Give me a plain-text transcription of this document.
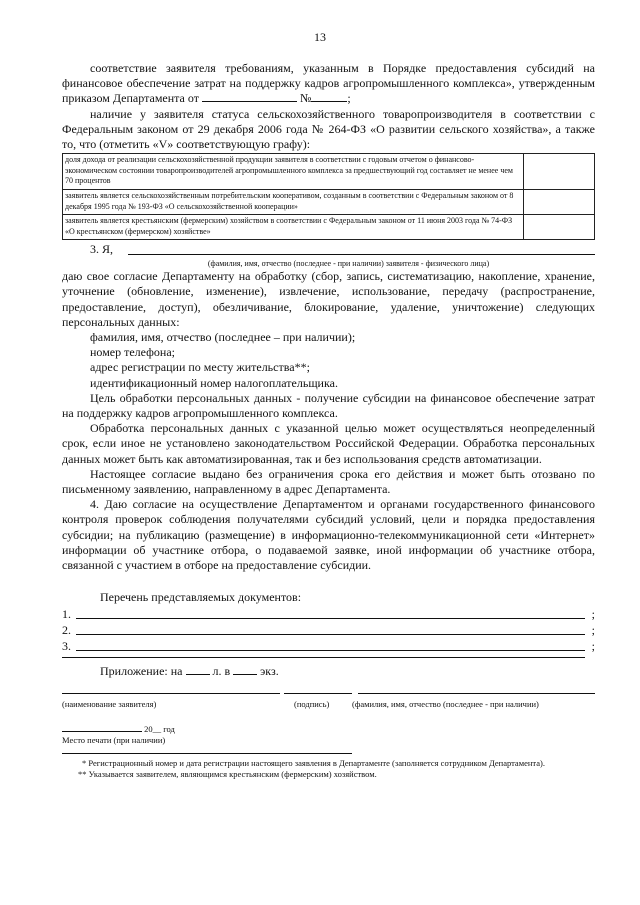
13

соответствие заявителя требованиям, указанным в Порядке предоставления субсидий на финансовое обеспечение затрат на поддержку кадров агропромышленного комплекса», утвержденным приказом Департамента от	№	;

наличие у заявителя статуса сельскохозяйственного товаропроизводителя в соответствии с Федеральным законом от 29 декабря 2006 года № 264-ФЗ «О развитии сельского хозяйства», а также то, что (отметить «V» соответствующую графу):

доля дохода от реализации сельскохозяйственной продукции заявителя в соответствии с годовым отчетом о финансово-экономическом состоянии товаропроизводителей агропромышленного комплекса за предшествующий год составляет не менее чем 70 процентов	
заявитель является сельскохозяйственным потребительским кооперативом, созданным в соответствии с Федеральным законом от 8 декабря 1995 года № 193-ФЗ «О сельскохозяйственной кооперации»	
заявитель является крестьянским (фермерским) хозяйством в соответствии с Федеральным законом от 11 июня 2003 года № 74-ФЗ «О крестьянском (фермерском) хозяйстве»	
3. Я,
(фамилия, имя, отчество (последнее - при наличии) заявителя - физического лица)

даю свое согласие Департаменту на обработку (сбор, запись, систематизацию, накопление, хранение, уточнение (обновление, изменение), извлечение, использование, передачу (распространение, предоставление, доступ), обезличивание, блокирование, удаление, уничтожение) следующих персональных данных:

фамилия, имя, отчество (последнее – при наличии);

номер телефона;

адрес регистрации по месту жительства**;

идентификационный номер налогоплательщика.

Цель обработки персональных данных - получение субсидии на финансовое обеспечение затрат на поддержку кадров агропромышленного комплекса.

Обработка персональных данных с указанной целью может осуществляться неопределенный срок, если иное не установлено законодательством Российской Федерации. Обработка персональных данных может быть как автоматизированная, так и без использования средств автоматизации.

Настоящее согласие выдано без ограничения срока его действия и может быть отозвано по письменному заявлению, направленному в адрес Департамента.

4. Даю согласие на осуществление Департаментом и органами государственного финансового контроля проверок соблюдения получателями субсидий условий, цели и порядка предоставления субсидии; на публикацию (размещение) в информационно-телекоммуникационной сети «Интернет» информации об участнике отбора, о подаваемой заявке, иной информации об участнике отбора, связанной с участием в отборе на предоставление субсидии.

Перечень представляемых документов:

1.	;
2.	;
3.	;

Приложение: на	л. в	экз.

(наименование заявителя)	(подпись)	(фамилия, имя, отчество (последнее - при наличии)

20__ год

Место печати (при наличии)

* Регистрационный номер и дата регистрации настоящего заявления в Департаменте (заполняется сотрудником Департамента).

** Указывается заявителем, являющимся крестьянским (фермерским) хозяйством.
